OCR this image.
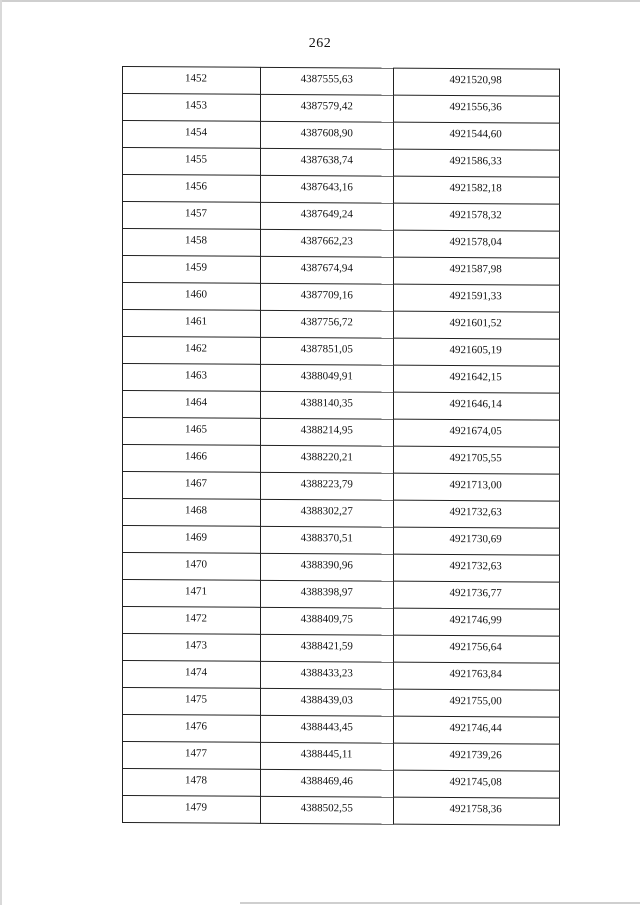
262
1452	4387555,63	4921520,98

1453	4387579,42	4921556,36

1454	4387608,90	4921544,60

1455	4387638,74	4921586,33

1456	4387643,16	4921582,18

1457	4387649,24	4921578,32

1458	4387662,23	4921578,04

1459	4387674,94	4921587,98

1460	4387709,16	4921591,33

1461	4387756,72	4921601,52

1462	4387851,05	4921605,19

1463	4388049,91	4921642,15

1464	4388140,35	4921646,14

1465	4388214,95	4921674,05

1466	4388220,21	4921705,55

1467	4388223,79	4921713,00

1468	4388302,27	4921732,63

1469	4388370,51	4921730,69

1470	4388390,96	4921732,63

1471	4388398,97	4921736,77

1472	4388409,75	4921746,99

1473	4388421,59	4921756,64

1474	4388433,23	4921763,84

1475	4388439,03	4921755,00

1476	4388443,45	4921746,44

1477	4388445,11	4921739,26

1478	4388469,46	4921745,08

1479	4388502,55	4921758,36
